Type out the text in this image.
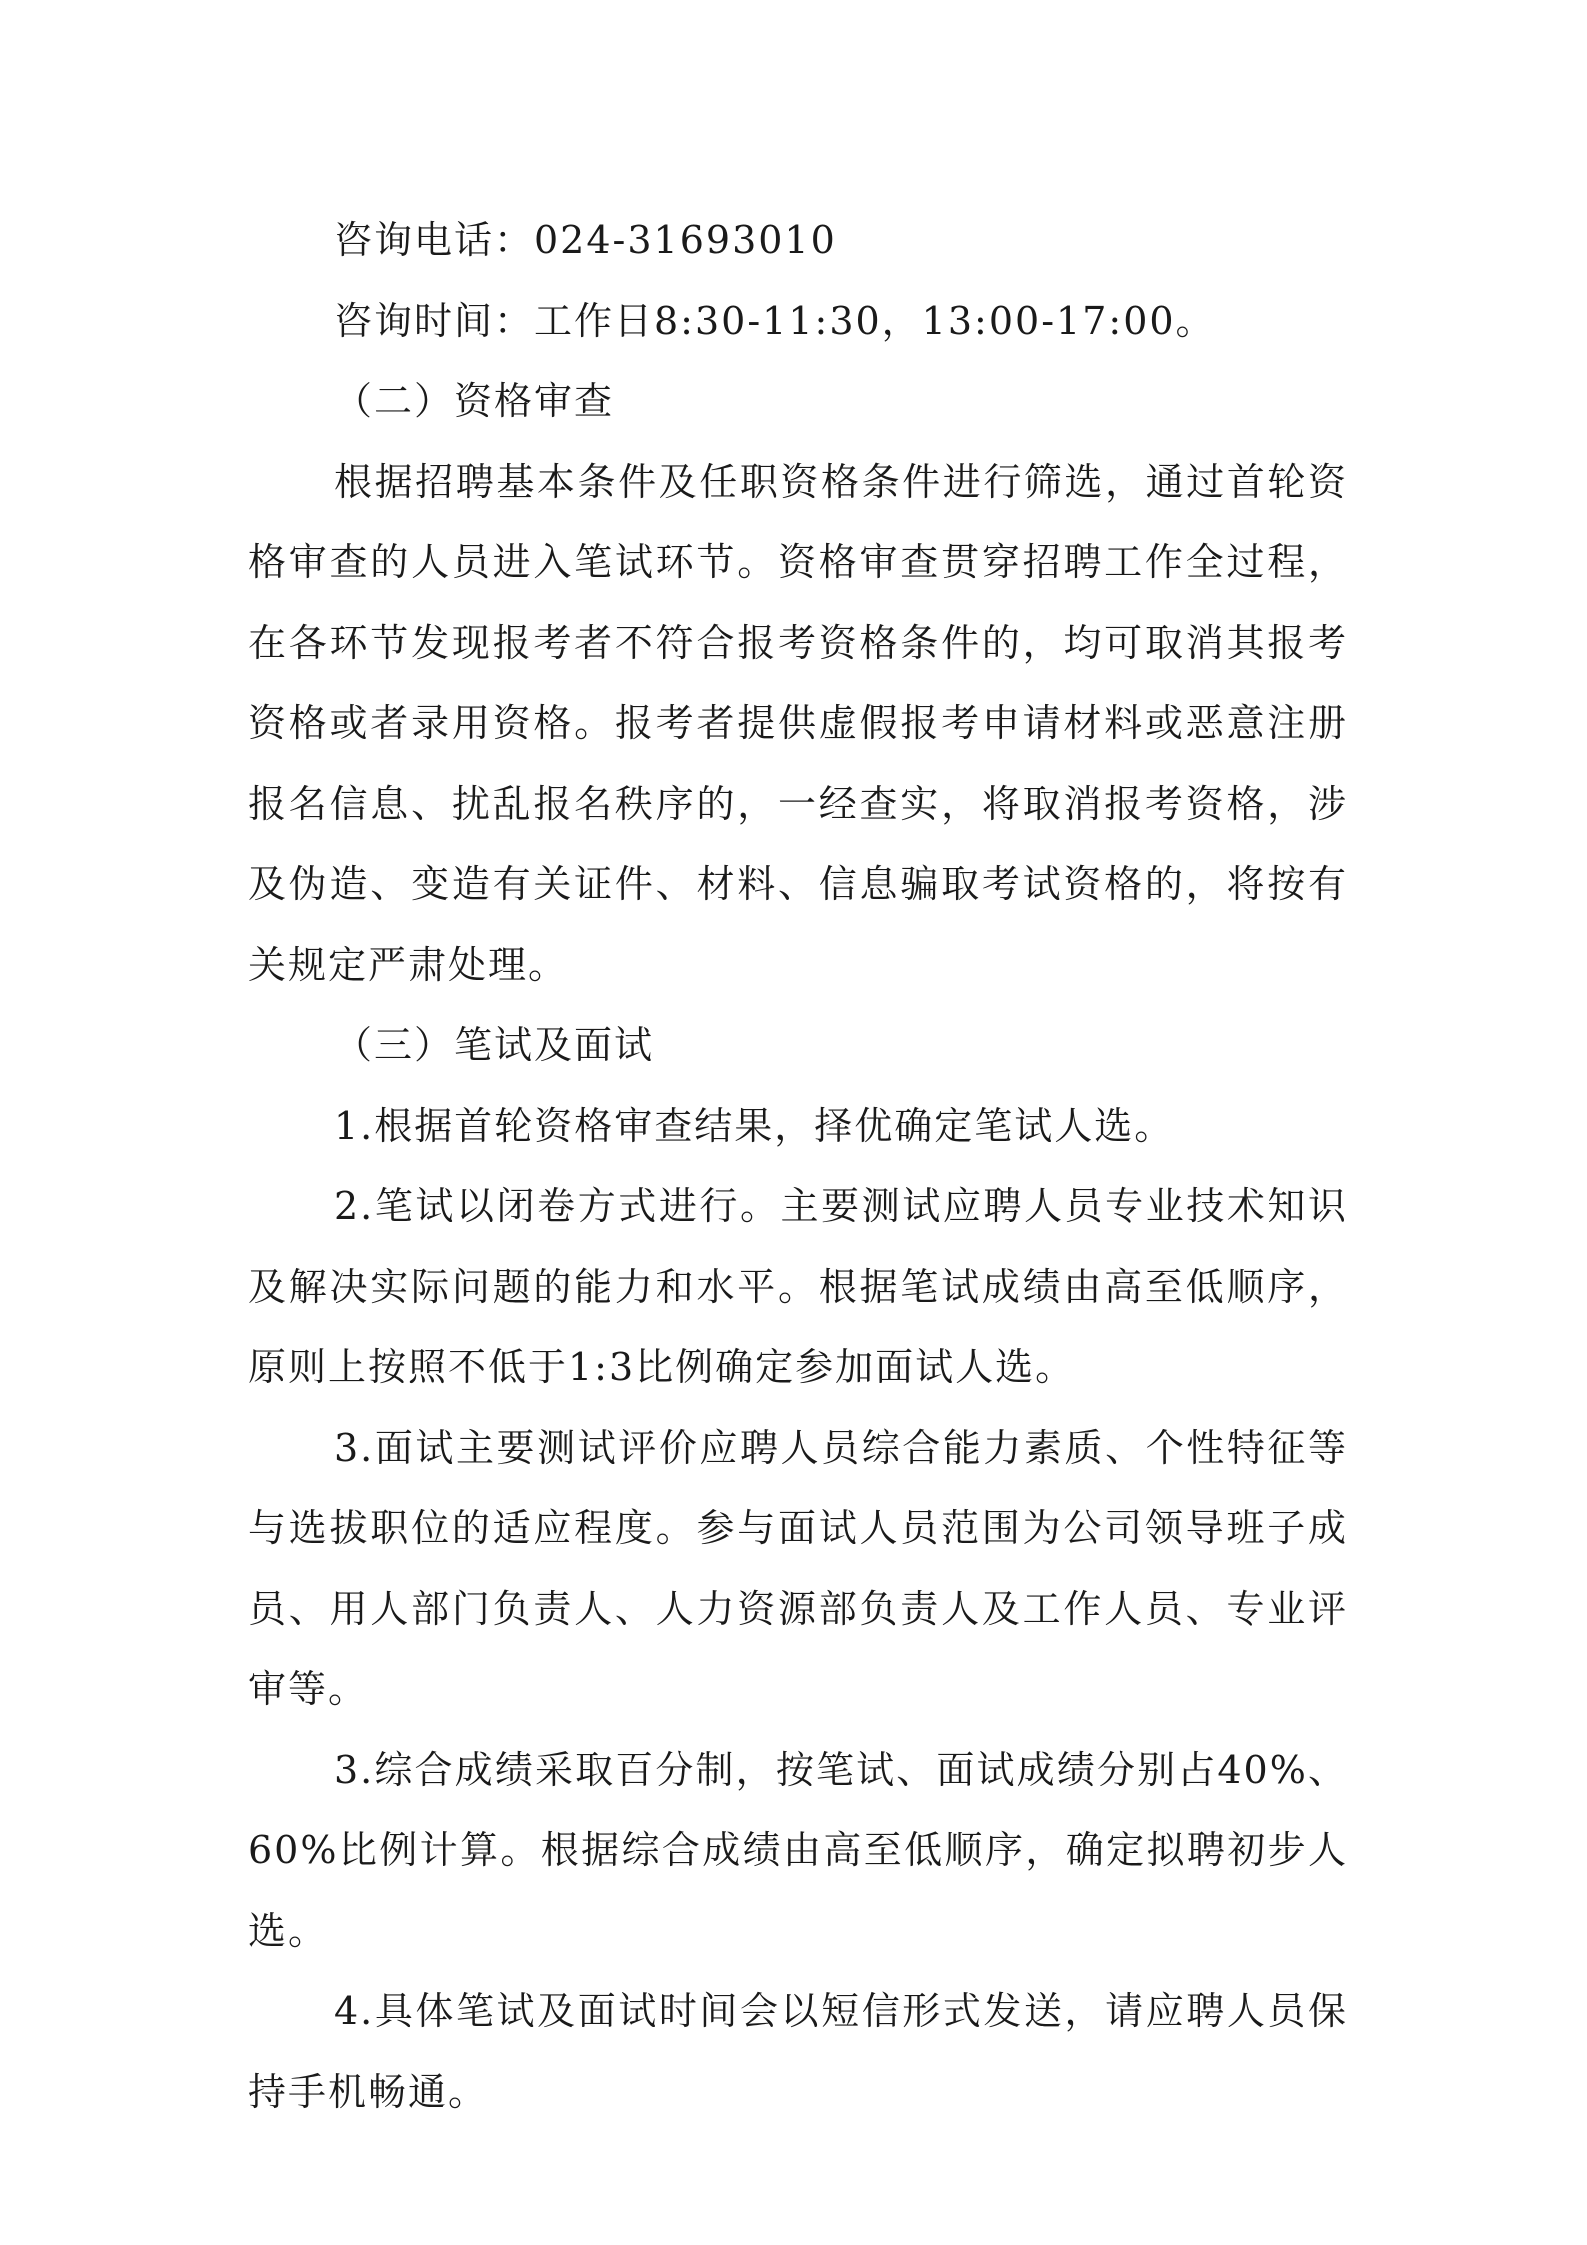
咨询电话：024-31693010

咨询时间：工作日8:30-11:30，13:00-17:00。

（二）资格审查

根据招聘基本条件及任职资格条件进行筛选，通过首轮资格审查的人员进入笔试环节。资格审查贯穿招聘工作全过程，在各环节发现报考者不符合报考资格条件的，均可取消其报考资格或者录用资格。报考者提供虚假报考申请材料或恶意注册报名信息、扰乱报名秩序的，一经查实，将取消报考资格，涉及伪造、变造有关证件、材料、信息骗取考试资格的，将按有关规定严肃处理。

（三）笔试及面试

1.根据首轮资格审查结果，择优确定笔试人选。

2.笔试以闭卷方式进行。主要测试应聘人员专业技术知识及解决实际问题的能力和水平。根据笔试成绩由高至低顺序，原则上按照不低于1:3比例确定参加面试人选。

3.面试主要测试评价应聘人员综合能力素质、个性特征等与选拔职位的适应程度。参与面试人员范围为公司领导班子成员、用人部门负责人、人力资源部负责人及工作人员、专业评审等。

3.综合成绩采取百分制，按笔试、面试成绩分别占40%、60%比例计算。根据综合成绩由高至低顺序，确定拟聘初步人选。

4.具体笔试及面试时间会以短信形式发送，请应聘人员保持手机畅通。
